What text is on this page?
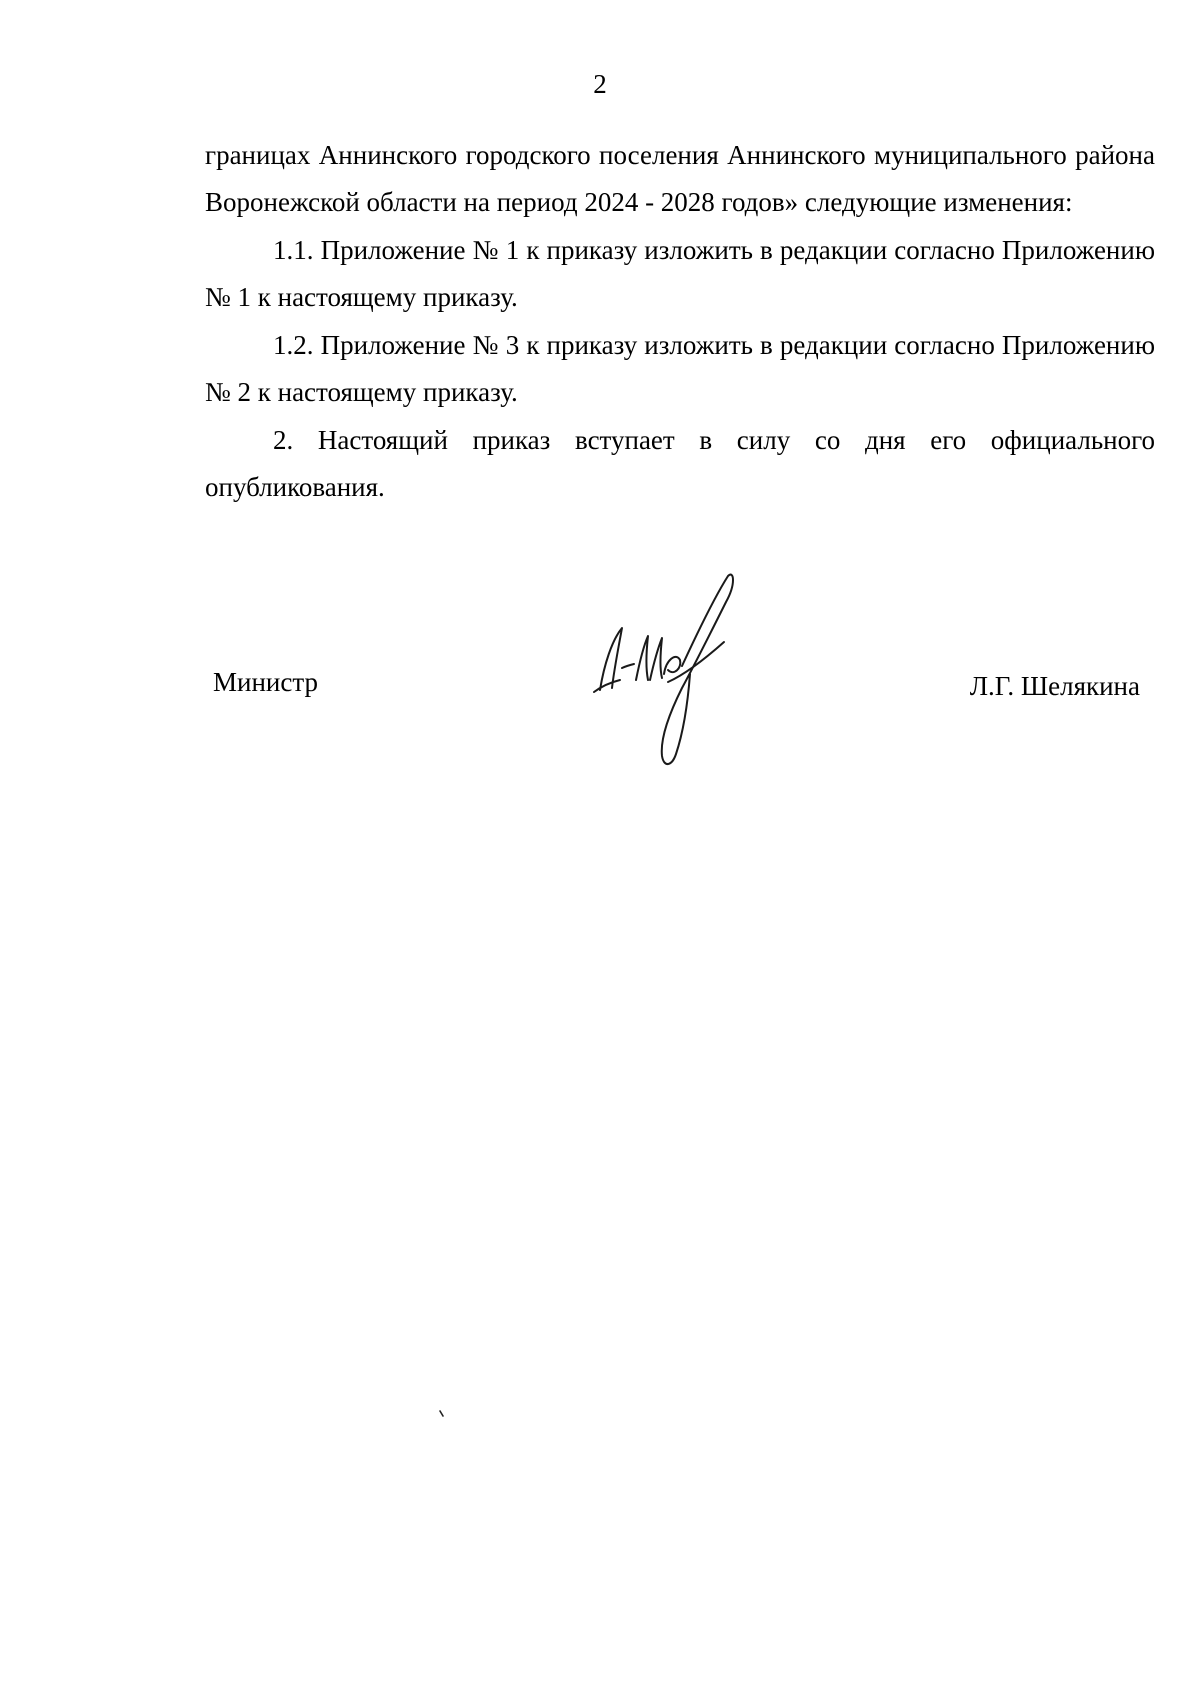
2

границах Аннинского городского поселения Аннинского муниципального района Воронежской области на период 2024 - 2028 годов» следующие изменения:

1.1. Приложение № 1 к приказу изложить в редакции согласно Приложению № 1 к настоящему приказу.

1.2. Приложение № 3 к приказу изложить в редакции согласно Приложению № 2 к настоящему приказу.

2. Настоящий приказ вступает в силу со дня его официального опубликования.

Министр	Л.Г. Шелякина
